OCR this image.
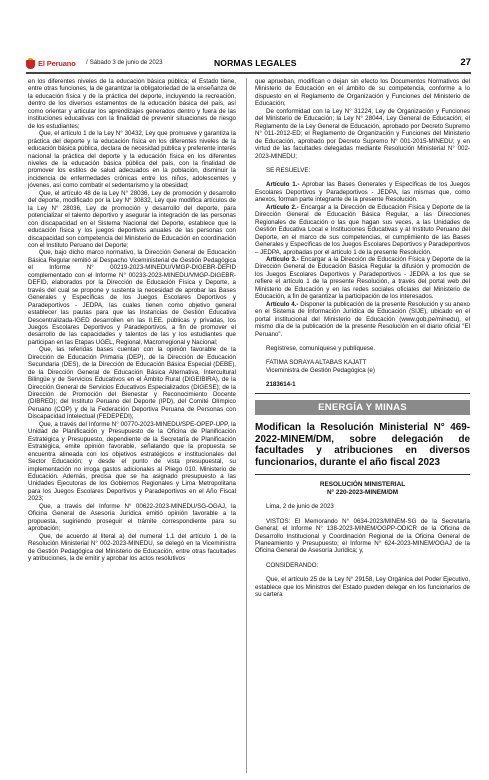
El Peruano / Sábado 3 de junio de 2023	NORMAS LEGALES	27

en los diferentes niveles de la educación básica pública; el Estado tiene, entre otras funciones, la de garantizar la obligatoriedad de la enseñanza de la educación física y de la práctica del deporte, incluyendo la recreación, dentro de los diversos estamentos de la educación básica del país, así como orientar y articular los aprendizajes generados dentro y fuera de las instituciones educativas con la finalidad de prevenir situaciones de riesgo de los estudiantes;

Que, el artículo 1 de la Ley N° 30432, Ley que promueve y garantiza la práctica del deporte y la educación física en los diferentes niveles de la educación básica pública, declara de necesidad pública y preferente interés nacional la práctica del deporte y la educación física en los diferentes niveles de la educación básica pública del país, con la finalidad de promover los estilos de salud adecuados en la población, disminuir la incidencia de enfermedades crónicas entre los niños, adolescentes y jóvenes, así como combatir el sedentarismo y la obesidad;

Que, el artículo 48 de la Ley N° 28036, Ley de promoción y desarrollo del deporte, modificado por la Ley N° 30832, Ley que modifica artículos de la Ley N° 28036, Ley de promoción y desarrollo del deporte, para potencializar el talento deportivo y asegurar la integración de las personas con discapacidad en el Sistema Nacional del Deporte, establece que la educación física y los juegos deportivos anuales de las personas con discapacidad son competencia del Ministerio de Educación en coordinación con el Instituto Peruano del Deporte;

Que, bajo dicho marco normativo, la Dirección General de Educación Básica Regular remitió al Despacho Viceministerial de Gestión Pedagógica el Informe N° 00219-2023-MINEDU/VMGP-DIGEBR-DEFID complementado con el Informe N° 00233-2023-MINEDU/VMGP-DIGEBR-DEFID, elaborados por la Dirección de Educación Física y Deporte, a través del cual se propone y sustenta la necesidad de aprobar las Bases Generales y Específicas de los Juegos Escolares Deportivos y Paradeportivos - JEDPA, las cuales tienen como objetivo general establecer las pautas para que las Instancias de Gestión Educativa Descentralizada-IGED desarrollen en las II.EE. públicas y privadas, los Juegos Escolares Deportivos y Paradeportivos, a fin de promover el desarrollo de las capacidades y talentos de las y los estudiantes que participan en las Etapas UGEL, Regional, Macrorregional y Nacional;

Que, las referidas bases cuentan con la opinión favorable de la Dirección de Educación Primaria (DEP), de la Dirección de Educación Secundaria (DES), de la Dirección de Educación Básica Especial (DEBE), de la Dirección General de Educación Básica Alternativa, Intercultural Bilingüe y de Servicios Educativos en el Ámbito Rural (DIGEIBIRA), de la Dirección General de Servicios Educativos Especializados (DIGESE); de la Dirección de Promoción del Bienestar y Reconocimiento Docente (DIBRED); del Instituto Peruano del Deporte (IPD), del Comité Olímpico Peruano (COP) y de la Federación Deportiva Peruana de Personas con Discapacidad Intelectual (FEDEPEDI);

Que, a través del Informe N° 00770-2023-MINEDU/SPE-OPEP-UPP, la Unidad de Planificación y Presupuesto de la Oficina de Planificación Estratégica y Presupuesto, dependiente de la Secretaría de Planificación Estratégica, emite opinión favorable, señalando que la propuesta se encuentra alineada con los objetivos estratégicos e institucionales del Sector Educación; y desde el punto de vista presupuestal, su implementación no irroga gastos adicionales al Pliego 010. Ministerio de Educación. Además, precisa que se ha asignado presupuesto a las Unidades Ejecutoras de los Gobiernos Regionales y Lima Metropolitana para los Juegos Escolares Deportivos y Paradeportivos en el Año Fiscal 2023;

Que, a través del Informe N° 00622-2023-MINEDU/SG-OGAJ, la Oficina General de Asesoría Jurídica emitió opinión favorable a la propuesta, sugiriendo proseguir el trámite correspondiente para su aprobación;

Que, de acuerdo al literal a) del numeral 1.1 del artículo 1 de la Resolución Ministerial N° 002-2023-MINEDU, se delegó en la Viceministra de Gestión Pedagógica del Ministerio de Educación, entre otras facultades y atribuciones, la de emitir y aprobar los actos resolutivos

que aprueban, modifican o dejan sin efecto los Documentos Normativos del Ministerio de Educación en el ámbito de su competencia, conforme a lo dispuesto en el Reglamento de Organización y Funciones del Ministerio de Educación;

De conformidad con la Ley N° 31224, Ley de Organización y Funciones del Ministerio de Educación; la Ley N° 28044, Ley General de Educación; el Reglamento de la Ley General de Educación, aprobado por Decreto Supremo N° 011-2012-ED; el Reglamento de Organización y Funciones del Ministerio de Educación, aprobado por Decreto Supremo N° 001-2015-MINEDU; y en virtud de las facultades delegadas mediante Resolución Ministerial N° 002-2023-MINEDU;

SE RESUELVE:

Artículo 1.- Aprobar las Bases Generales y Específicas de los Juegos Escolares Deportivos y Paradeportivos - JEDPA, las mismas que, como anexos, forman parte integrante de la presente Resolución.

Artículo 2.- Encargar a la Dirección de Educación Física y Deporte de la Dirección General de Educación Básica Regular, a las Direcciones Regionales de Educación o las que hagan sus veces, a las Unidades de Gestión Educativa Local e Instituciones Educativas y al Instituto Peruano del Deporte, en el marco de sus competencias, el cumplimiento de las Bases Generales y Específicas de los Juegos Escolares Deportivos y Paradeportivos – JEDPA, aprobadas por el artículo 1 de la presente Resolución.

Artículo 3.- Encargar a la Dirección de Educación Física y Deporte de la Dirección General de Educación Básica Regular la difusión y promoción de los Juegos Escolares Deportivos y Paradeportivos - JEDPA a los que se refiere el artículo 1 de la presente Resolución, a través del portal web del Ministerio de Educación y en las redes sociales oficiales del Ministerio de Educación, a fin de garantizar la participación de los interesados.

Artículo 4.- Disponer la publicación de la presente Resolución y su anexo en el Sistema de Información Jurídica de Educación (SIJE), ubicado en el portal institucional del Ministerio de Educación (www.gob.pe/minedu), el mismo día de la publicación de la presente Resolución en el diario oficial “El Peruano”.

Regístrese, comuníquese y publíquese.

FATIMA SORAYA ALTABAS KAJATT

Viceministra de Gestión Pedagógica (e)

2183614-1

ENERGÍA Y MINAS
Modifican la Resolución Ministerial N° 469-2022-MINEM/DM, sobre delegación de facultades y atribuciones en diversos funcionarios, durante el año fiscal 2023

RESOLUCIÓN MINISTERIAL
N° 220-2023-MINEM/DM

Lima, 2 de junio de 2023

VISTOS: El Memorando N° 0634-2023/MINEM-SG de la Secretaría General; el Informe N° 138-2023-MINEM/OGPP-ODICR de la Oficina de Desarrollo Institucional y Coordinación Regional de la Oficina General de Planeamiento y Presupuesto; el Informe N° 624-2023-MINEM/OGAJ de la Oficina General de Asesoría Jurídica; y,

CONSIDERANDO:

Que, el artículo 25 de la Ley N° 29158, Ley Orgánica del Poder Ejecutivo, establece que los Ministros del Estado pueden delegar en los funcionarios de su cartera
